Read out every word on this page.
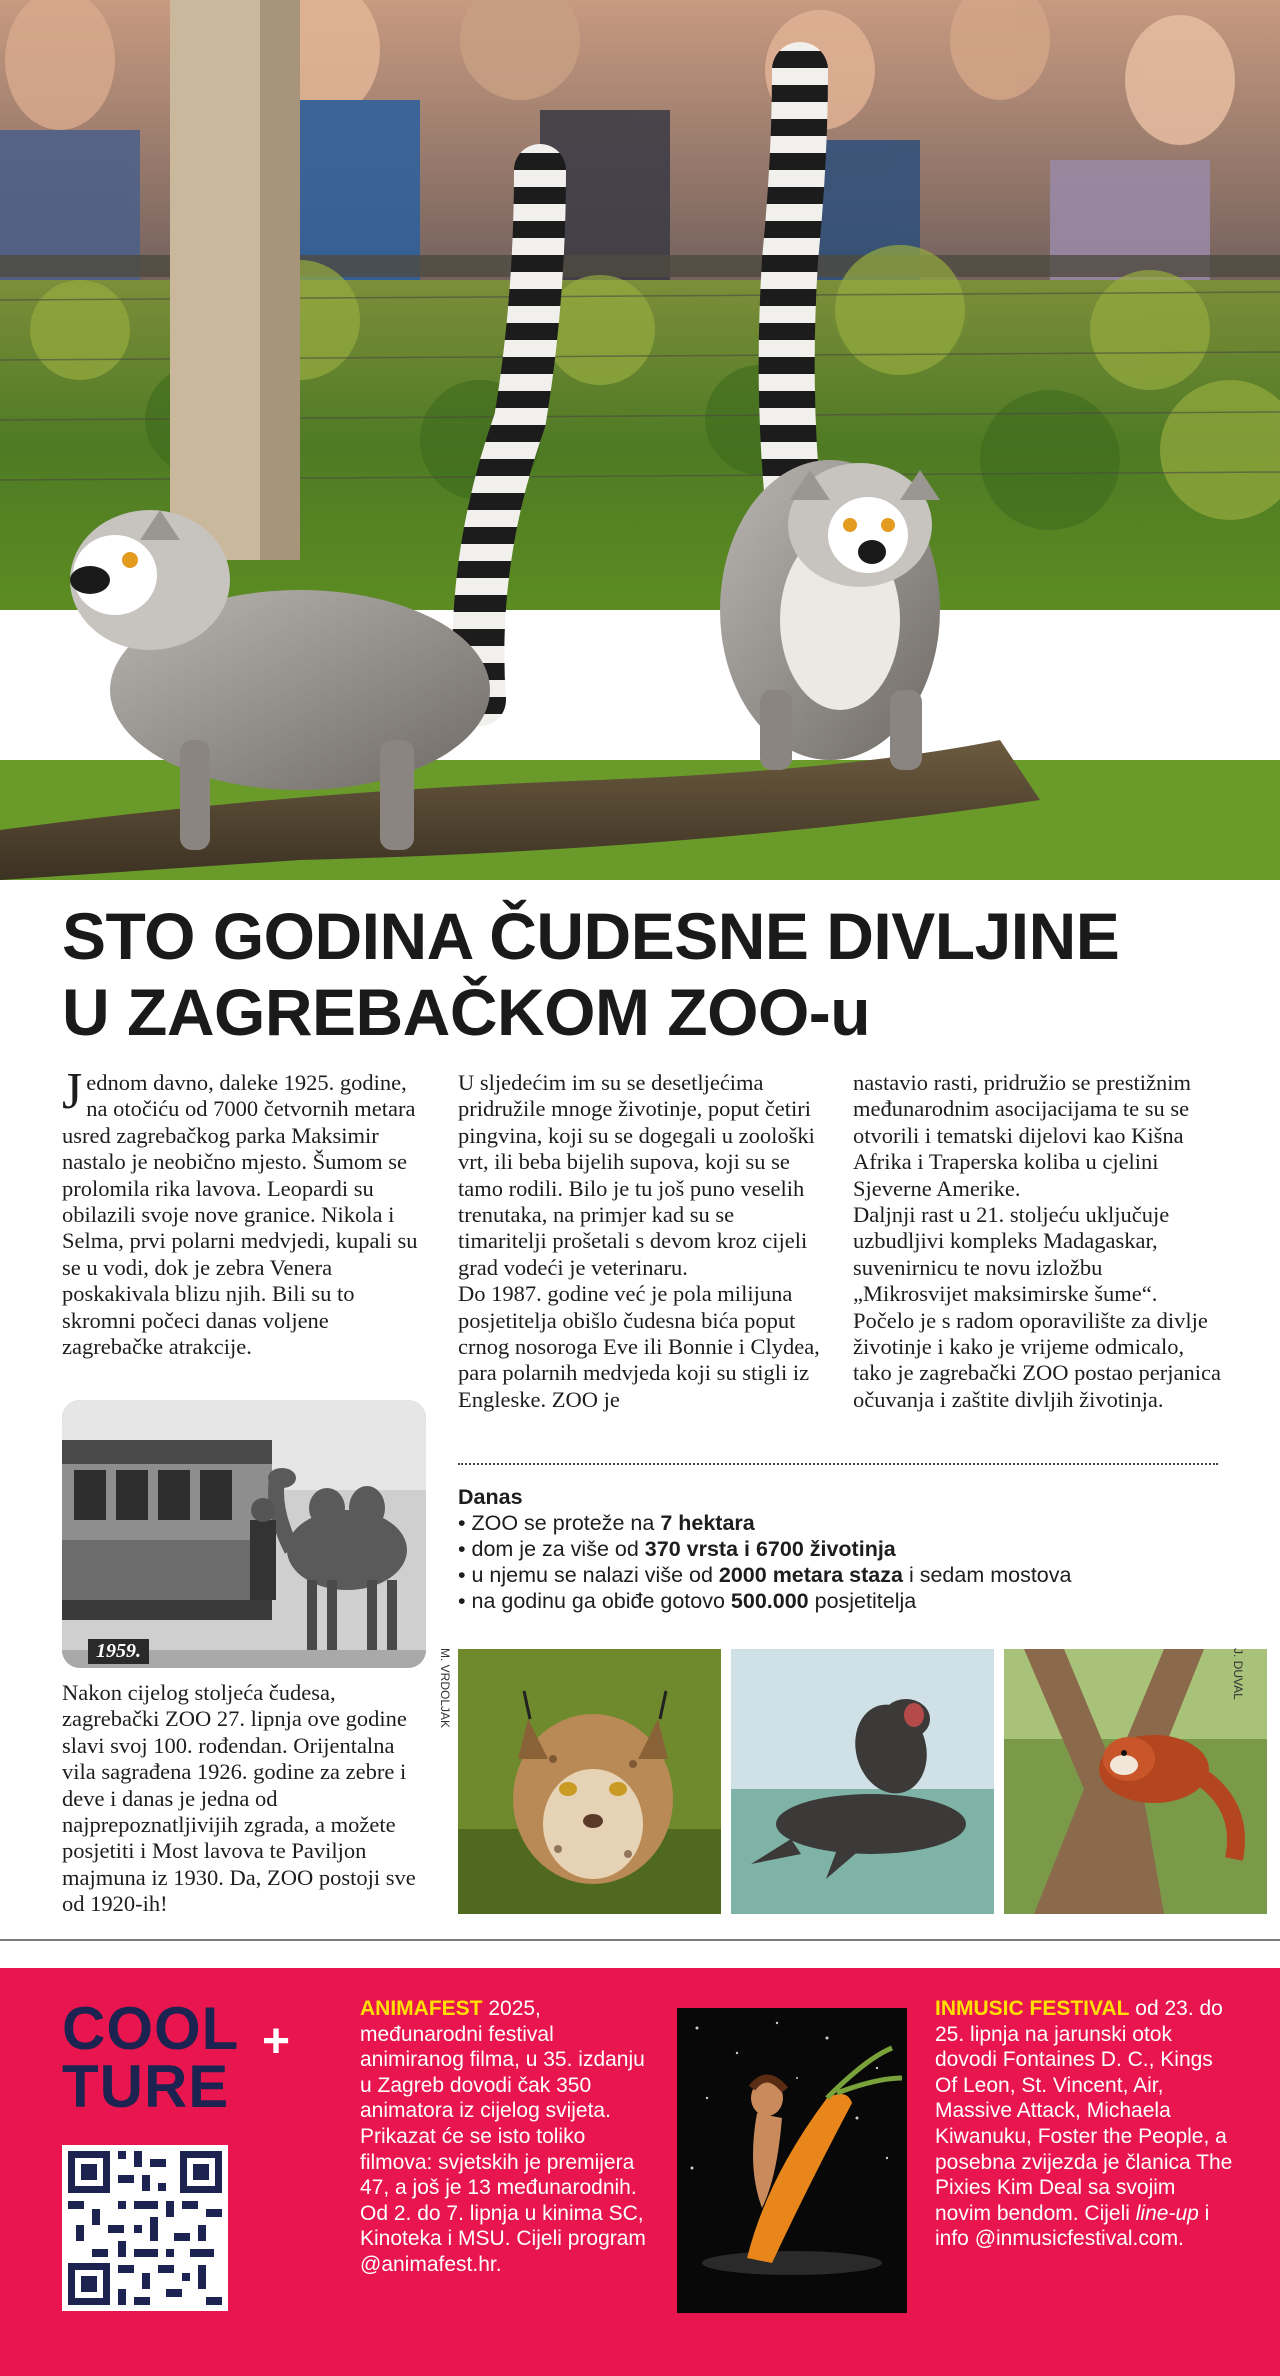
STO GODINA ČUDESNE DIVLJINE
U ZAGREBAČKOM ZOO-u

Jednom davno, daleke 1925. godine, na otočiću od 7000 četvornih metara usred zagrebačkog parka Maksimir nastalo je neobično mjesto. Šumom se prolomila rika lavova. Leopardi su obilazili svoje nove granice. Nikola i Selma, prvi polarni medvjedi, kupali su se u vodi, dok je zebra Venera poskakivala blizu njih. Bili su to skromni počeci danas voljene zagrebačke atrakcije.

U sljedećim im su se desetljećima pridružile mnoge životinje, poput četiri pingvina, koji su se dogegali u zoološki vrt, ili beba bijelih supova, koji su se tamo rodili. Bilo je tu još puno veselih trenutaka, na primjer kad su se timaritelji prošetali s devom kroz cijeli grad vodeći je veterinaru.

Do 1987. godine već je pola milijuna posjetitelja obišlo čudesna bića poput crnog nosoroga Eve ili Bonnie i Clydea, para polarnih medvjeda koji su stigli iz Engleske. ZOO je

nastavio rasti, pridružio se prestižnim međunarodnim asocijacijama te su se otvorili i tematski dijelovi kao Kišna Afrika i Traperska koliba u cjelini Sjeverne Amerike.

Daljnji rast u 21. stoljeću uključuje uzbudljivi kompleks Madagaskar, suvenirnicu te novu izložbu „Mikrosvijet maksimirske šume“.

Počelo je s radom oporavilište za divlje životinje i kako je vrijeme odmicalo, tako je zagrebački ZOO postao perjanica očuvanja i zaštite divljih životinja.

Danas
• ZOO se proteže na 7 hektara
• dom je za više od 370 vrsta i 6700 životinja
• u njemu se nalazi više od 2000 metara staza i sedam mostova
• na godinu ga obiđe gotovo 500.000 posjetitelja
1959.

Nakon cijelog stoljeća čudesa, zagrebački ZOO 27. lipnja ove godine slavi svoj 100. rođendan. Orijentalna vila sagrađena 1926. godine za zebre i deve i danas je jedna od najprepoznatljivijih zgrada, a možete posjetiti i Most lavova te Paviljon majmuna iz 1930. Da, ZOO postoji sve od 1920-ih!

M. VRDOLJAK	J. DUVAL
COOL
TURE
+
ANIMAFEST 2025, međunarodni festival animiranog filma, u 35. izdanju u Zagreb dovodi čak 350 animatora iz cijelog svijeta. Prikazat će se isto toliko filmova: svjetskih je premijera 47, a još je 13 međunarodnih. Od 2. do 7. lipnja u kinima SC, Kinoteka i MSU. Cijeli program @animafest.hr.
INMUSIC FESTIVAL od 23. do 25. lipnja na jarunski otok dovodi Fontaines D. C., Kings Of Leon, St. Vincent, Air, Massive Attack, Michaela Kiwanuku, Foster the People, a posebna zvijezda je članica The Pixies Kim Deal sa svojim novim bendom. Cijeli line-up i info @inmusicfestival.com.
